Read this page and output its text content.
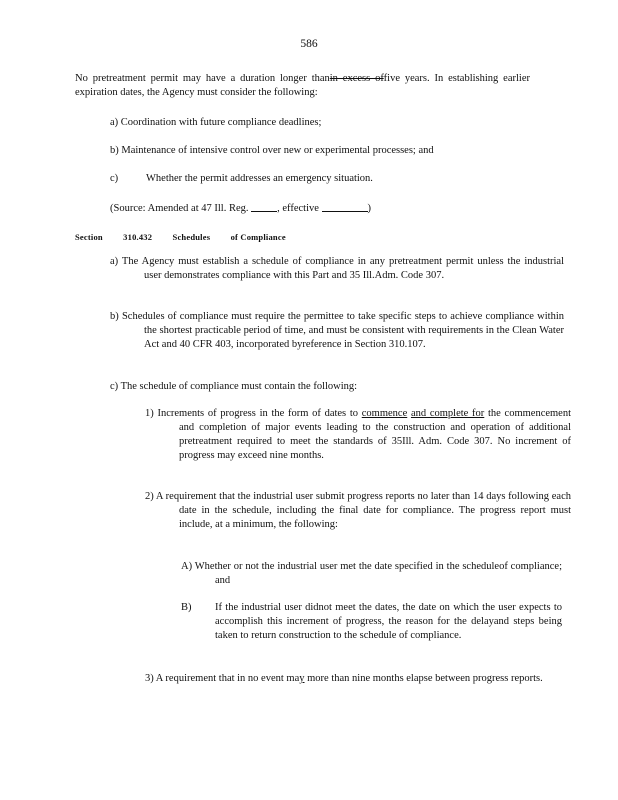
586
No pretreatment permit may have a duration longer thanin excess offive years. In establishing earlier expiration dates, the Agency must consider the following:
a) Coordination with future compliance deadlines;
b) Maintenance of intensive control over new or experimental processes; and
c)	Whether the permit addresses an emergency situation.
(Source: Amended at 47 Ill. Reg.	, effective	)
Section 310.432 Schedules of Compliance
a) The Agency must establish a schedule of compliance in any pretreatment permit unless the industrial user demonstrates compliance with this Part and 35 Ill.Adm. Code 307.
b) Schedules of compliance must require the permittee to take specific steps to achieve compliance within the shortest practicable period of time, and must be consistent with requirements in the Clean Water Act and 40 CFR 403, incorporated byreference in Section 310.107.
c) The schedule of compliance must contain the following:
1) Increments of progress in the form of dates to commence and complete for the commencement and completion of major events leading to the construction and operation of additional pretreatment required to meet the standards of 35Ill. Adm. Code 307. No increment of progress may exceed nine months.
2) A requirement that the industrial user submit progress reports no later than 14 days following each date in the schedule, including the final date for compliance. The progress report must include, at a minimum, the following:
A) Whether or not the industrial user met the date specified in the scheduleof compliance; and
B) If the industrial user didnot meet the dates, the date on which the user expects to accomplish this increment of progress, the reason for the delayand steps being taken to return construction to the schedule of compliance.
3) A requirement that in no event may more than nine months elapse between progress reports.
